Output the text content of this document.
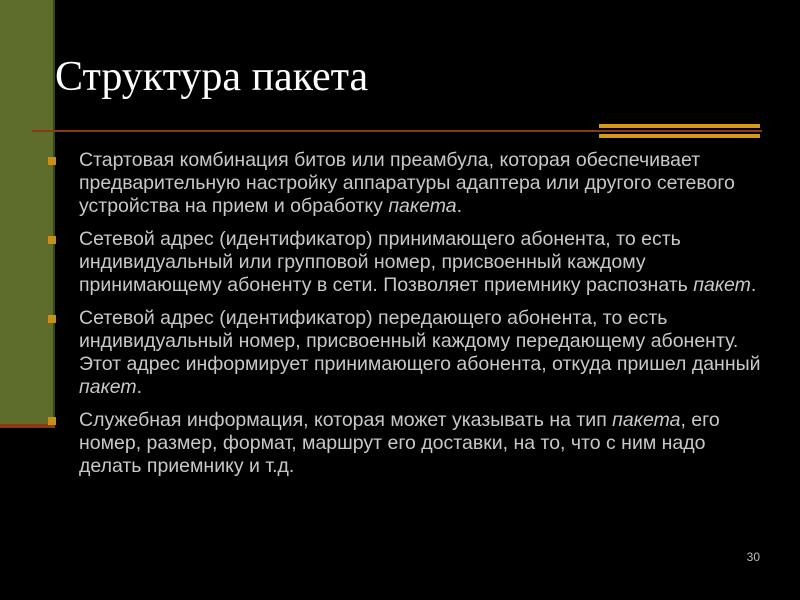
Структура пакета
Стартовая комбинация битов или преамбула, которая обеспечивает предварительную настройку аппаратуры адаптера или другого сетевого устройства на прием и обработку пакета.
Сетевой адрес (идентификатор) принимающего абонента, то есть индивидуальный или групповой номер, присвоенный каждому принимающему абоненту в сети. Позволяет приемнику распознать пакет.
Сетевой адрес (идентификатор) передающего абонента, то есть индивидуальный номер, присвоенный каждому передающему абоненту. Этот адрес информирует принимающего абонента, откуда пришел данный пакет.
Служебная информация, которая может указывать на тип пакета, его номер, размер, формат, маршрут его доставки, на то, что с ним надо делать приемнику и т.д.
30
